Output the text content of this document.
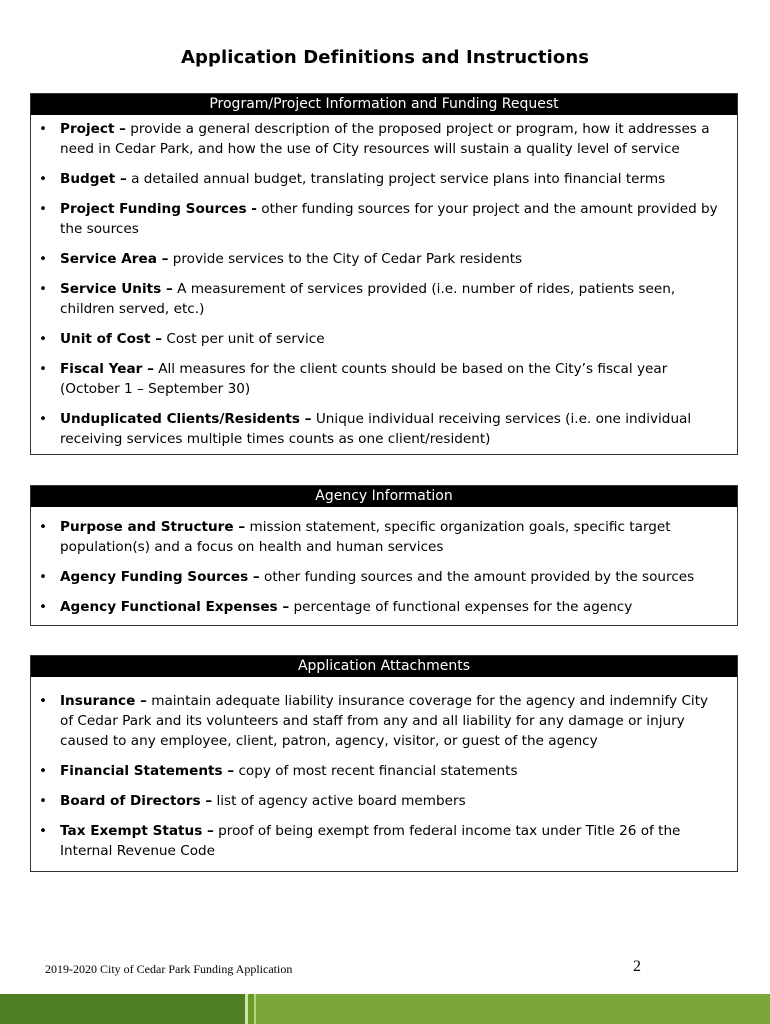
Application Definitions and Instructions
Program/Project Information and Funding Request
• Project – provide a general description of the proposed project or program, how it addresses a need in Cedar Park, and how the use of City resources will sustain a quality level of service
• Budget – a detailed annual budget, translating project service plans into financial terms
• Project Funding Sources - other funding sources for your project and the amount provided by the sources
• Service Area – provide services to the City of Cedar Park residents
• Service Units – A measurement of services provided (i.e. number of rides, patients seen, children served, etc.)
• Unit of Cost – Cost per unit of service
• Fiscal Year – All measures for the client counts should be based on the City’s fiscal year (October 1 – September 30)
• Unduplicated Clients/Residents – Unique individual receiving services (i.e. one individual receiving services multiple times counts as one client/resident)
Agency Information
• Purpose and Structure – mission statement, specific organization goals, specific target population(s) and a focus on health and human services
• Agency Funding Sources – other funding sources and the amount provided by the sources
• Agency Functional Expenses – percentage of functional expenses for the agency
Application Attachments
• Insurance – maintain adequate liability insurance coverage for the agency and indemnify City of Cedar Park and its volunteers and staff from any and all liability for any damage or injury caused to any employee, client, patron, agency, visitor, or guest of the agency
• Financial Statements – copy of most recent financial statements
• Board of Directors – list of agency active board members
• Tax Exempt Status – proof of being exempt from federal income tax under Title 26 of the Internal Revenue Code
2019-2020 City of Cedar Park Funding Application	2
